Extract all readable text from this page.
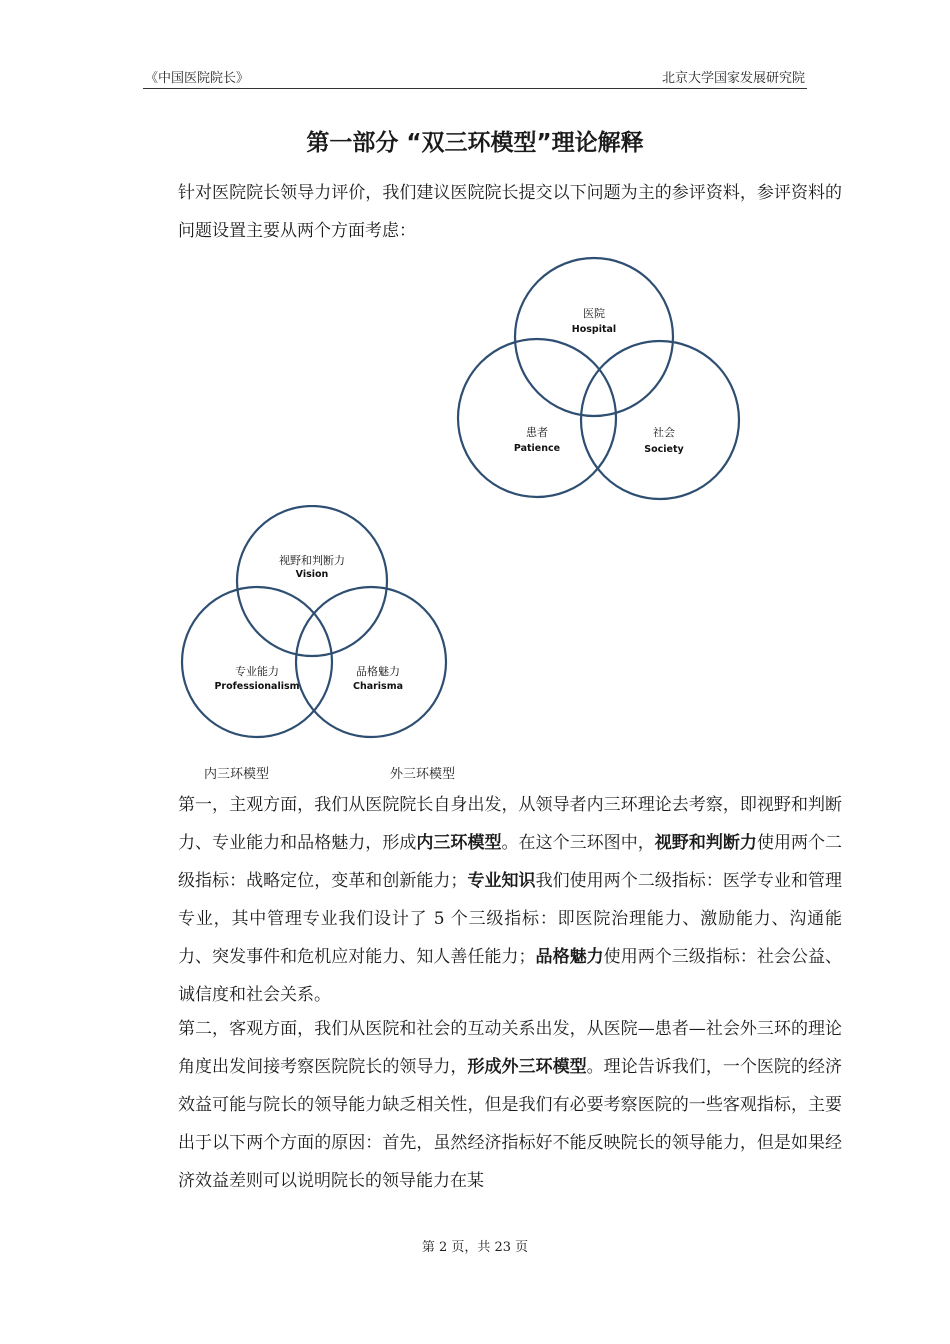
《中国医院院长》	北京大学国家发展研究院
第一部分 “双三环模型”理论解释
针对医院院长领导力评价，我们建议医院院长提交以下问题为主的参评资料，参评资料的问题设置主要从两个方面考虑：
医院
Hospital
患者
Patience
社会
Society
视野和判断力
Vision
专业能力
Professionalism
品格魅力
Charisma
内三环模型	外三环模型
第一，主观方面，我们从医院院长自身出发，从领导者内三环理论去考察，即视野和判断力、专业能力和品格魅力，形成内三环模型。在这个三环图中，视野和判断力使用两个二级指标：战略定位，变革和创新能力；专业知识我们使用两个二级指标：医学专业和管理专业，其中管理专业我们设计了 5 个三级指标：即医院治理能力、激励能力、沟通能力、突发事件和危机应对能力、知人善任能力；品格魅力使用两个三级指标：社会公益、诚信度和社会关系。
第二，客观方面，我们从医院和社会的互动关系出发，从医院—患者—社会外三环的理论角度出发间接考察医院院长的领导力，形成外三环模型。理论告诉我们，一个医院的经济效益可能与院长的领导能力缺乏相关性，但是我们有必要考察医院的一些客观指标，主要出于以下两个方面的原因：首先，虽然经济指标好不能反映院长的领导能力，但是如果经济效益差则可以说明院长的领导能力在某
第 2 页，共 23 页
